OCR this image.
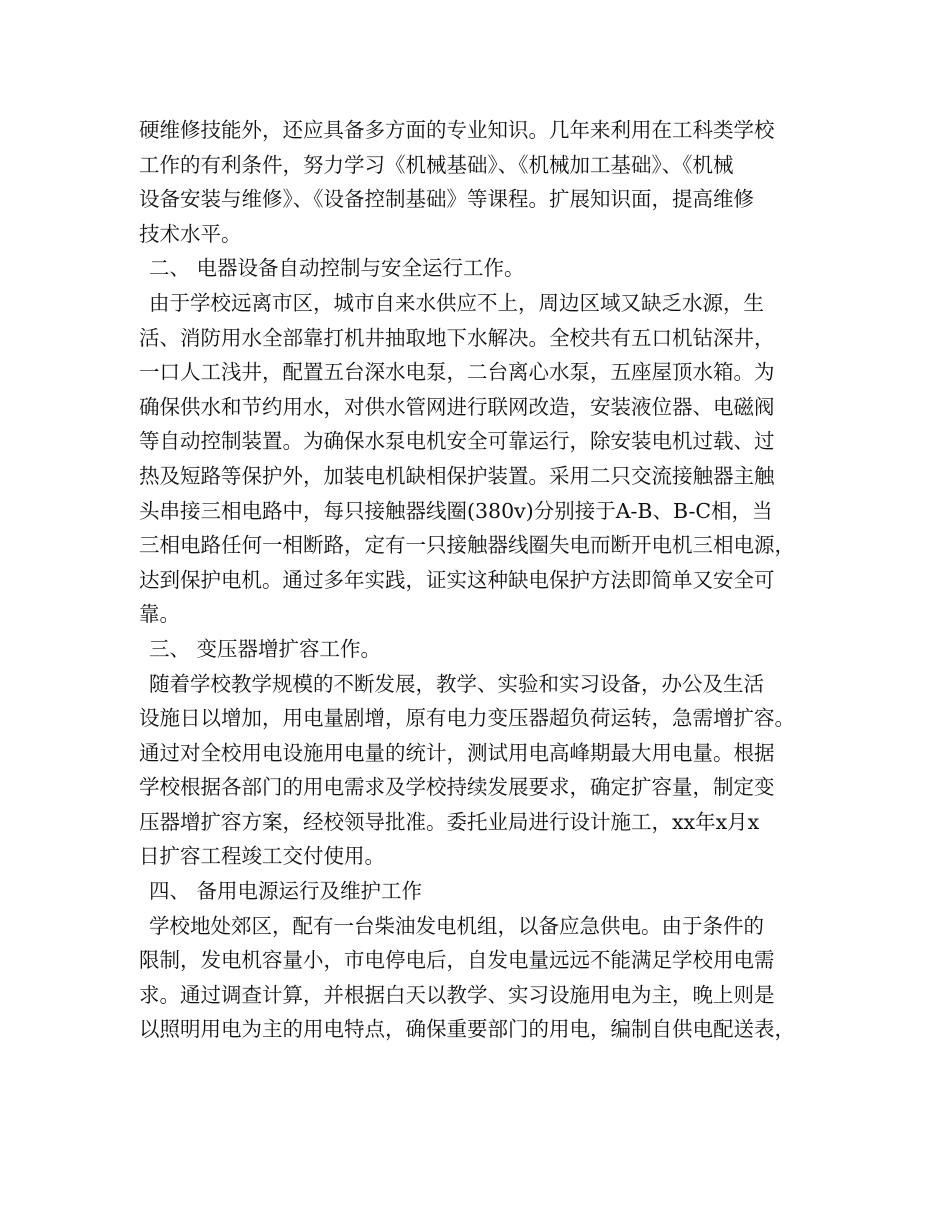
硬维修技能外，还应具备多方面的专业知识。几年来利用在工科类学校
工作的有利条件，努力学习《机械基础》、《机械加工基础》、《机械
设备安装与维修》、《设备控制基础》等课程。扩展知识面，提高维修
技术水平。
二、 电器设备自动控制与安全运行工作。
由于学校远离市区，城市自来水供应不上，周边区域又缺乏水源，生
活、消防用水全部靠打机井抽取地下水解决。全校共有五口机钻深井，
一口人工浅井，配置五台深水电泵，二台离心水泵，五座屋顶水箱。为
确保供水和节约用水，对供水管网进行联网改造，安装液位器、电磁阀
等自动控制装置。为确保水泵电机安全可靠运行，除安装电机过载、过
热及短路等保护外，加装电机缺相保护装置。采用二只交流接触器主触
头串接三相电路中，每只接触器线圈(380v)分别接于A-B、B-C相，当
三相电路任何一相断路，定有一只接触器线圈失电而断开电机三相电源，
达到保护电机。通过多年实践，证实这种缺电保护方法即简单又安全可
靠。
三、 变压器增扩容工作。
随着学校教学规模的不断发展，教学、实验和实习设备，办公及生活
设施日以增加，用电量剧增，原有电力变压器超负荷运转，急需增扩容。
通过对全校用电设施用电量的统计，测试用电高峰期最大用电量。根据
学校根据各部门的用电需求及学校持续发展要求，确定扩容量，制定变
压器增扩容方案，经校领导批准。委托业局进行设计施工，xx年x月x
日扩容工程竣工交付使用。
四、 备用电源运行及维护工作
学校地处郊区，配有一台柴油发电机组，以备应急供电。由于条件的
限制，发电机容量小，市电停电后，自发电量远远不能满足学校用电需
求。通过调查计算，并根据白天以教学、实习设施用电为主，晚上则是
以照明用电为主的用电特点，确保重要部门的用电，编制自供电配送表，
